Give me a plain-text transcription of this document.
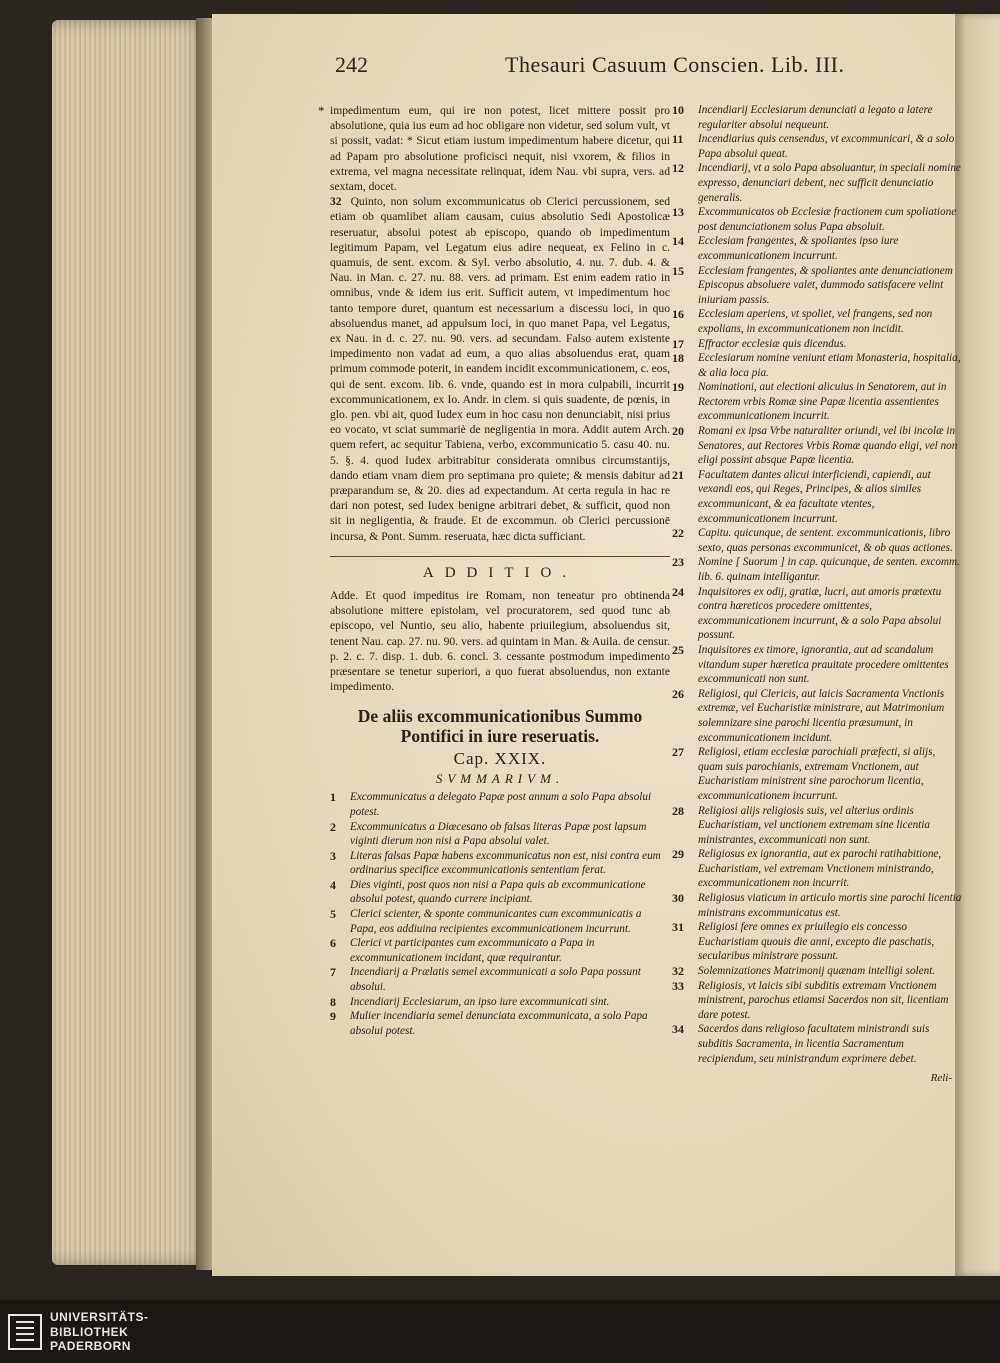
242	Thesauri Casuum Conscien. Lib. III.

* impedimentum eum, qui ire non potest, licet mittere possit pro absolutione, quia ius eum ad hoc obligare non videtur, sed solum vult, vt si possit, vadat: * Sicut etiam iustum impedimentum habere dicetur, qui ad Papam pro absolutione proficisci nequit, nisi vxorem, & filios in extrema, vel magna necessitate relinquat, idem Nau. vbi supra, vers. ad sextam, docet.

32 Quinto, non solum excommunicatus ob Clerici percussionem, sed etiam ob quamlibet aliam causam, cuius absolutio Sedi Apostolicæ reseruatur, absolui potest ab episcopo, quando ob impedimentum legitimum Papam, vel Legatum eius adire nequeat, ex Felino in c. quamuis, de sent. excom. & Syl. verbo absolutio, 4. nu. 7. dub. 4. & Nau. in Man. c. 27. nu. 88. vers. ad primam. Est enim eadem ratio in omnibus, vnde & idem ius erit. Sufficit autem, vt impedimentum hoc tanto tempore duret, quantum est necessarium a discessu loci, in quo absoluendus manet, ad appulsum loci, in quo manet Papa, vel Legatus, ex Nau. in d. c. 27. nu. 90. vers. ad secundam. Falso autem existente impedimento non vadat ad eum, a quo alias absoluendus erat, quam primum commode poterit, in eandem incidit excommunicationem, c. eos, qui de sent. excom. lib. 6. vnde, quando est in mora culpabili, incurrit excommunicationem, ex Io. Andr. in clem. si quis suadente, de pœnis, in glo. pen. vbi ait, quod Iudex eum in hoc casu non denunciabit, nisi prius eo vocato, vt sciat summariè de negligentia in mora. Addit autem Arch. quem refert, ac sequitur Tabiena, verbo, excommunicatio 5. casu 40. nu. 5. §. 4. quod Iudex arbitrabitur considerata omnibus circumstantijs, dando etiam vnam diem pro septimana pro quiete; & mensis dabitur ad præparandum se, & 20. dies ad expectandum. At certa regula in hac re dari non potest, sed Iudex benigne arbitrari debet, & sufficit, quod non sit in negligentia, & fraude. Et de excommun. ob Clerici percussionē incursa, & Pont. Summ. reseruata, hæc dicta sufficiant.

ADDITIO.

Adde. Et quod impeditus ire Romam, non teneatur pro obtinenda absolutione mittere epistolam, vel procuratorem, sed quod tunc ab episcopo, vel Nuntio, seu alio, habente priuilegium, absoluendus sit, tenent Nau. cap. 27. nu. 90. vers. ad quintam in Man. & Auila. de censur. p. 2. c. 7. disp. 1. dub. 6. concl. 3. cessante postmodum impedimento præsentare se tenetur superiori, a quo fuerat absoluendus, non extante impedimento.

De aliis excommunicationibus Summo Pontifici in iure reseruatis.
Cap. XXIX.
SVMMARIVM.

1 Excommunicatus a delegato Papæ post annum a solo Papa absolui potest.

2 Excommunicatus a Diœcesano ob falsas literas Papæ post lapsum viginti dierum non nisi a Papa absolui valet.

3 Literas falsas Papæ habens excommunicatus non est, nisi contra eum ordinarius specifice excommunicationis sententiam ferat.

4 Dies viginti, post quos non nisi a Papa quis ab excommunicatione absolui potest, quando currere incipiant.

5 Clerici scienter, & sponte communicantes cum excommunicatis a Papa, eos addiuina recipientes excommunicationem incurrunt.

6 Clerici vt participantes cum excommunicato a Papa in excommunicationem incidant, quæ requirantur.

7 Incendiarij a Prælatis semel excommunicati a solo Papa possunt absolui.

8 Incendiarij Ecclesiarum, an ipso iure excommunicati sint.

9 Mulier incendiaria semel denunciata excommunicata, a solo Papa absolui potest.

10 Incendiarij Ecclesiarum denunciati a legato a latere regulariter absolui nequeunt.

11 Incendiarius quis censendus, vt excommunicari, & a solo Papa absolui queat.

12 Incendiarij, vt a solo Papa absoluantur, in speciali nomine expresso, denunciari debent, nec sufficit denunciatio generalis.

13 Excommunicatos ob Ecclesiæ fractionem cum spoliatione post denunciationem solus Papa absoluit.

14 Ecclesiam frangentes, & spoliantes ipso iure excommunicationem incurrunt.

15 Ecclesiam frangentes, & spoliantes ante denunciationem Episcopus absoluere valet, dummodo satisfacere velint iniuriam passis.

16 Ecclesiam aperiens, vt spoliet, vel frangens, sed non expolians, in excommunicationem non incidit.

17 Effractor ecclesiæ quis dicendus.

18 Ecclesiarum nomine veniunt etiam Monasteria, hospitalia, & alia loca pia.

19 Nominationi, aut electioni alicuius in Senatorem, aut in Rectorem vrbis Romæ sine Papæ licentia assentientes excommunicationem incurrit.

20 Romani ex ipsa Vrbe naturaliter oriundi, vel ibi incolæ in Senatores, aut Rectores Vrbis Romæ quando eligi, vel non eligi possint absque Papæ licentia.

21 Facultatem dantes alicui interficiendi, capiendi, aut vexandi eos, qui Reges, Principes, & alios similes excommunicant, & ea facultate vtentes, excommunicationem incurrunt.

22 Capitu. quicunque, de sentent. excommunicationis, libro sexto, quas personas excommunicet, & ob quas actiones.

23 Nomine [ Suorum ] in cap. quicunque, de senten. excomm. lib. 6. quinam intelligantur.

24 Inquisitores ex odij, gratiæ, lucri, aut amoris prætextu contra hæreticos procedere omittentes, excommunicationem incurrunt, & a solo Papa absolui possunt.

25 Inquisitores ex timore, ignorantia, aut ad scandalum vitandum super hæretica prauitate procedere omittentes excommunicati non sunt.

26 Religiosi, qui Clericis, aut laicis Sacramenta Vnctionis extremæ, vel Eucharistiæ ministrare, aut Matrimonium solemnizare sine parochi licentia præsumunt, in excommunicationem incidunt.

27 Religiosi, etiam ecclesiæ parochiali præfecti, si alijs, quam suis parochianis, extremam Vnctionem, aut Eucharistiam ministrent sine parochorum licentia, excommunicationem incurrunt.

28 Religiosi alijs religiosis suis, vel alterius ordinis Eucharistiam, vel unctionem extremam sine licentia ministrantes, excommunicati non sunt.

29 Religiosus ex ignorantia, aut ex parochi ratihabitione, Eucharistiam, vel extremam Vnctionem ministrando, excommunicationem non incurrit.

30 Religiosus viaticum in articulo mortis sine parochi licentia ministrans excommunicatus est.

31 Religiosi fere omnes ex priuilegio eis concesso Eucharistiam quouis die anni, excepto die paschatis, secularibus ministrare possunt.

32 Solemnizationes Matrimonij quænam intelligi solent.

33 Religiosis, vt laicis sibi subditis extremam Vnctionem ministrent, parochus etiamsi Sacerdos non sit, licentiam dare potest.

34 Sacerdos dans religioso facultatem ministrandi suis subditis Sacramenta, in licentia Sacramentum recipiendum, seu ministrandum exprimere debet.

Reli-
UNIVERSITÄTS-
BIBLIOTHEK
PADERBORN
